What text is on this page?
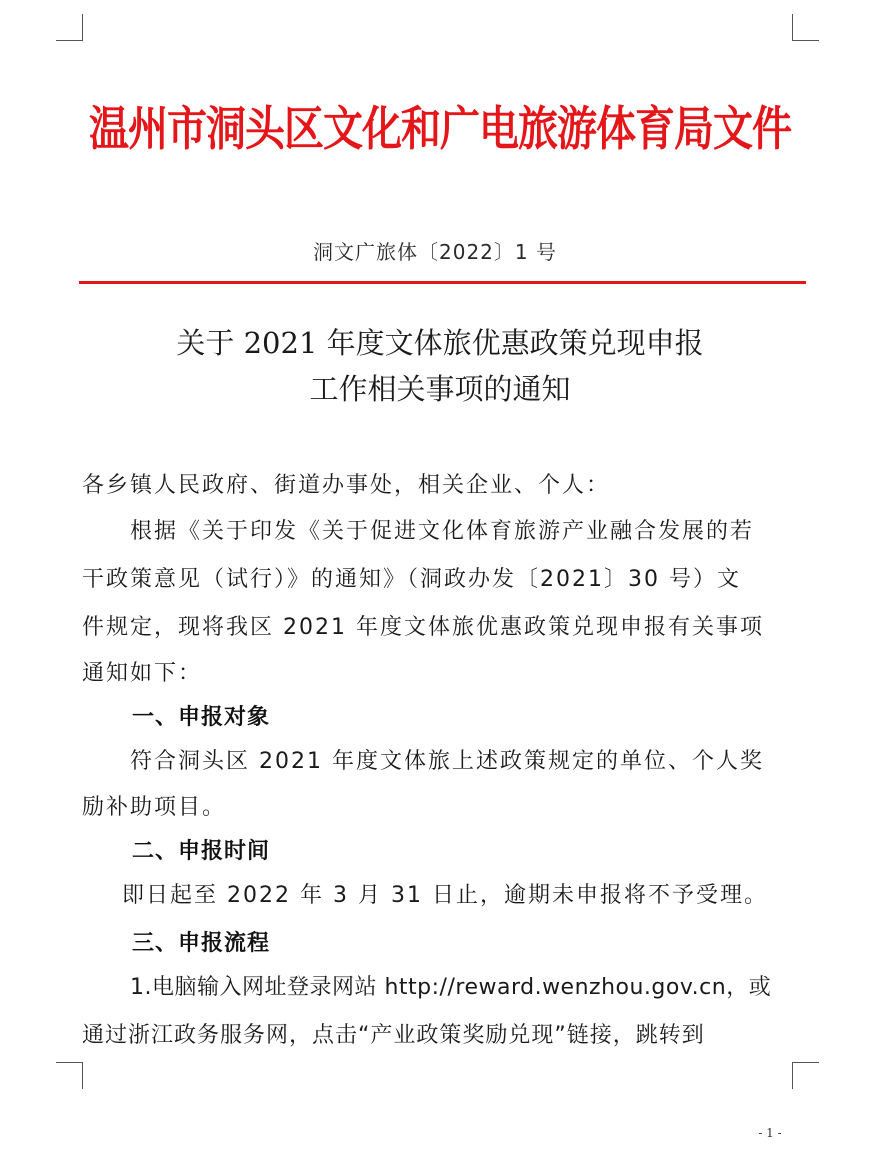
温州市洞头区文化和广电旅游体育局文件
洞文广旅体〔2022〕1 号
关于 2021 年度文体旅优惠政策兑现申报
工作相关事项的通知
各乡镇人民政府、街道办事处，相关企业、个人：
根据《关于印发《关于促进文化体育旅游产业融合发展的若
干政策意见（试行）》的通知》（洞政办发〔2021〕30 号）文
件规定，现将我区 2021 年度文体旅优惠政策兑现申报有关事项
通知如下：
一、申报对象
符合洞头区 2021 年度文体旅上述政策规定的单位、个人奖
励补助项目。
二、申报时间
即日起至 2022 年 3 月 31 日止，逾期未申报将不予受理。
三、申报流程
1.电脑输入网址登录网站 http://reward.wenzhou.gov.cn，或
通过浙江政务服务网，点击“产业政策奖励兑现”链接，跳转到
- 1 -
